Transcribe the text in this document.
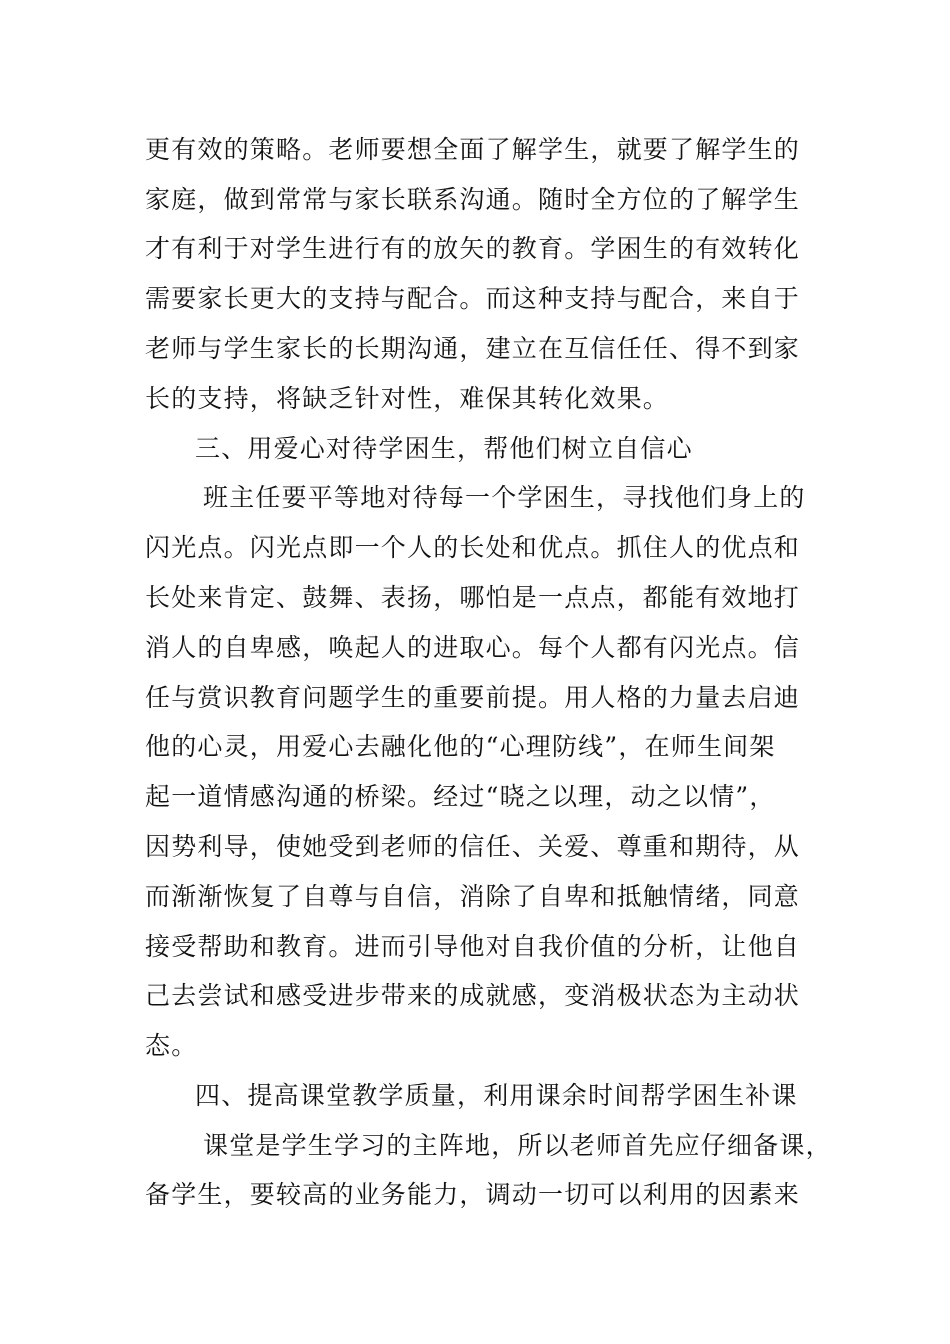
更有效的策略。老师要想全面了解学生，就要了解学生的
家庭，做到常常与家长联系沟通。随时全方位的了解学生
才有利于对学生进行有的放矢的教育。学困生的有效转化
需要家长更大的支持与配合。而这种支持与配合，来自于
老师与学生家长的长期沟通，建立在互信任任、得不到家
长的支持，将缺乏针对性，难保其转化效果。
三、用爱心对待学困生，帮他们树立自信心
班主任要平等地对待每一个学困生，寻找他们身上的
闪光点。闪光点即一个人的长处和优点。抓住人的优点和
长处来肯定、鼓舞、表扬，哪怕是一点点，都能有效地打
消人的自卑感，唤起人的进取心。每个人都有闪光点。信
任与赏识教育问题学生的重要前提。用人格的力量去启迪
他的心灵，用爱心去融化他的“心理防线”，在师生间架
起一道情感沟通的桥梁。经过“晓之以理，动之以情”，
因势利导，使她受到老师的信任、关爱、尊重和期待，从
而渐渐恢复了自尊与自信，消除了自卑和抵触情绪，同意
接受帮助和教育。进而引导他对自我价值的分析，让他自
己去尝试和感受进步带来的成就感，变消极状态为主动状
态。
四、提高课堂教学质量，利用课余时间帮学困生补课
课堂是学生学习的主阵地，所以老师首先应仔细备课，
备学生，要较高的业务能力，调动一切可以利用的因素来
